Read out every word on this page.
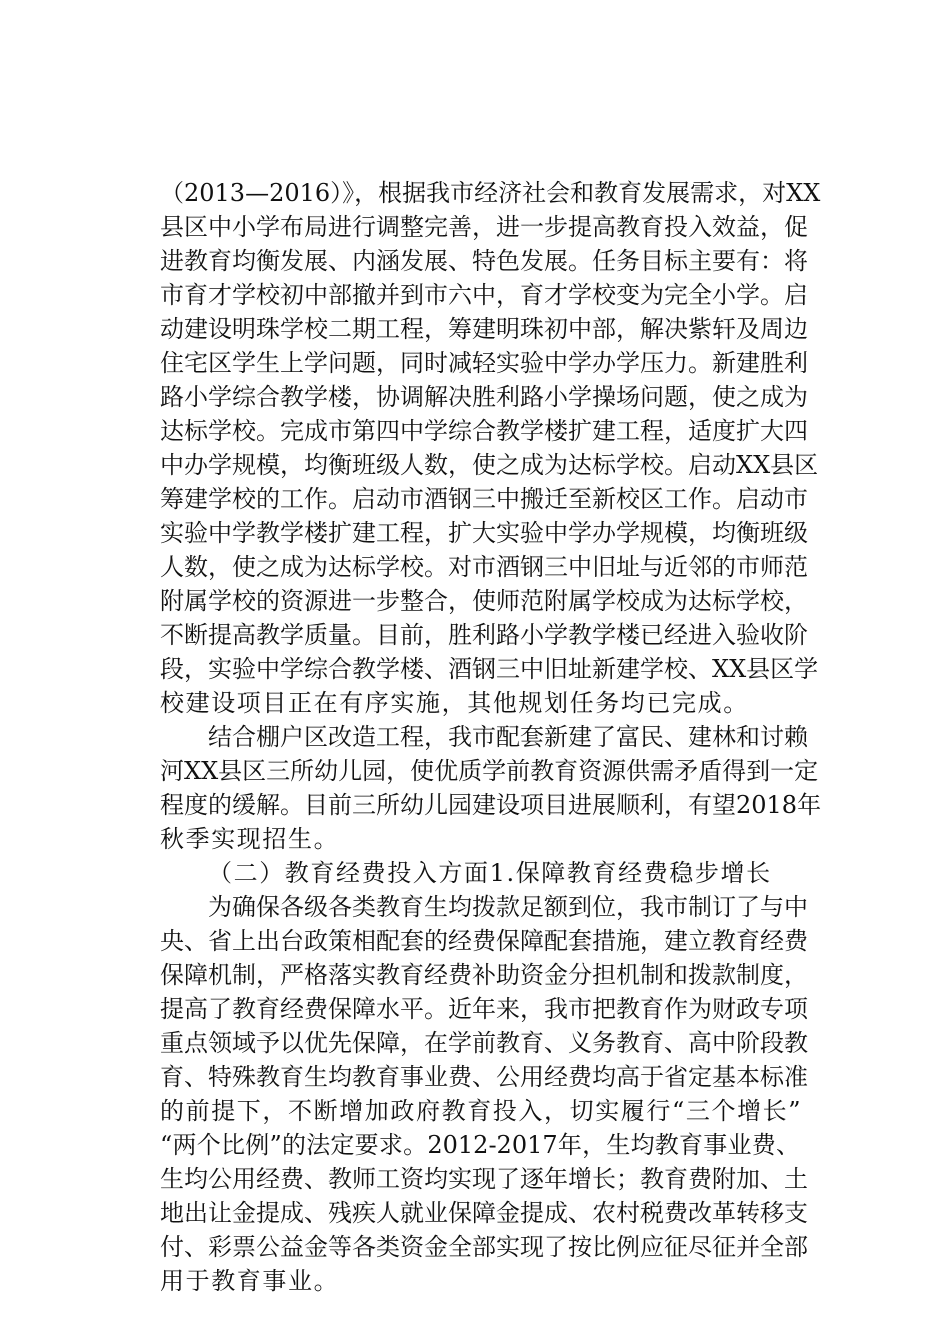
（2013—2016）》，根据我市经济社会和教育发展需求，对XX
县区中小学布局进行调整完善，进一步提高教育投入效益，促
进教育均衡发展、内涵发展、特色发展。任务目标主要有：将
市育才学校初中部撤并到市六中，育才学校变为完全小学。启
动建设明珠学校二期工程，筹建明珠初中部，解决紫轩及周边
住宅区学生上学问题，同时减轻实验中学办学压力。新建胜利
路小学综合教学楼，协调解决胜利路小学操场问题，使之成为
达标学校。完成市第四中学综合教学楼扩建工程，适度扩大四
中办学规模，均衡班级人数，使之成为达标学校。启动XX县区
筹建学校的工作。启动市酒钢三中搬迁至新校区工作。启动市
实验中学教学楼扩建工程，扩大实验中学办学规模，均衡班级
人数，使之成为达标学校。对市酒钢三中旧址与近邻的市师范
附属学校的资源进一步整合，使师范附属学校成为达标学校，
不断提高教学质量。目前，胜利路小学教学楼已经进入验收阶
段，实验中学综合教学楼、酒钢三中旧址新建学校、XX县区学
校建设项目正在有序实施，其他规划任务均已完成。
结合棚户区改造工程，我市配套新建了富民、建林和讨赖
河XX县区三所幼儿园，使优质学前教育资源供需矛盾得到一定
程度的缓解。目前三所幼儿园建设项目进展顺利，有望2018年
秋季实现招生。
（二）教育经费投入方面1.保障教育经费稳步增长
为确保各级各类教育生均拨款足额到位，我市制订了与中
央、省上出台政策相配套的经费保障配套措施，建立教育经费
保障机制，严格落实教育经费补助资金分担机制和拨款制度，
提高了教育经费保障水平。近年来，我市把教育作为财政专项
重点领域予以优先保障，在学前教育、义务教育、高中阶段教
育、特殊教育生均教育事业费、公用经费均高于省定基本标准
的前提下，不断增加政府教育投入，切实履行“三个增长”
“两个比例”的法定要求。2012-2017年，生均教育事业费、
生均公用经费、教师工资均实现了逐年增长；教育费附加、土
地出让金提成、残疾人就业保障金提成、农村税费改革转移支
付、彩票公益金等各类资金全部实现了按比例应征尽征并全部
用于教育事业。
